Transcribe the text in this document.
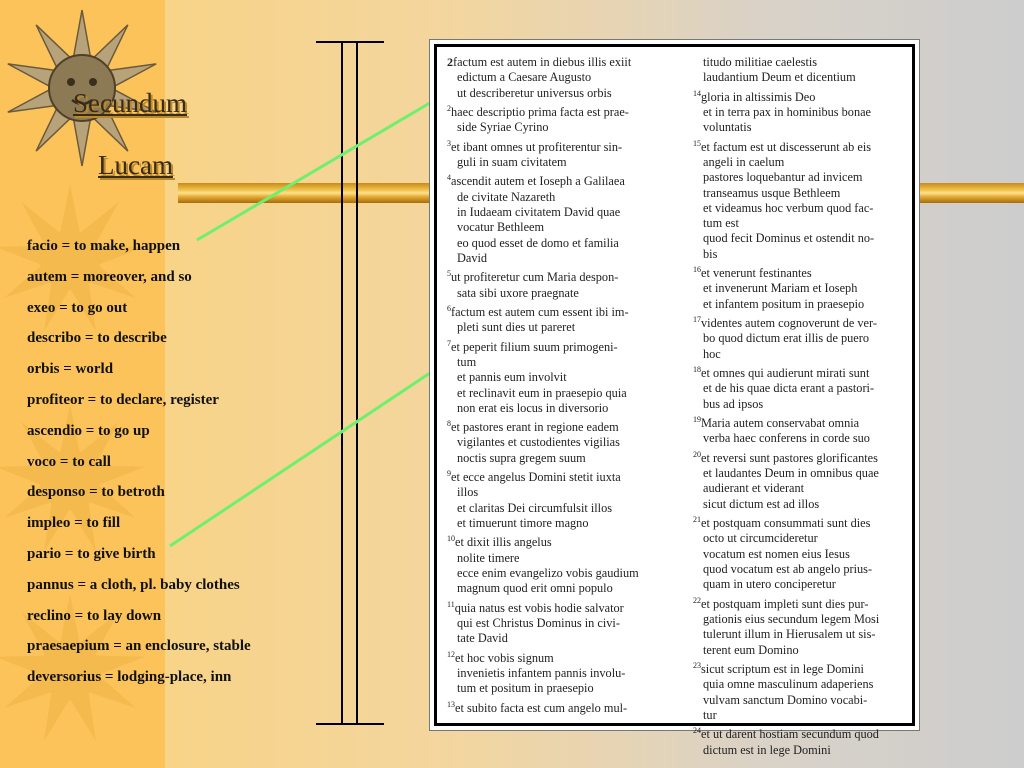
Secundum
Lucam
facio = to make, happen
autem = moreover, and so
exeo = to go out
describo = to describe
orbis = world
profiteor = to declare, register
ascendio = to go up
voco = to call
desponso = to betroth
impleo = to fill
pario = to give birth
pannus = a cloth, pl. baby clothes
reclino = to lay down
praesaepium = an enclosure, stable
deversorius = lodging-place, inn
2factum est autem in diebus illis exiit
edictum a Caesare Augusto
ut describeretur universus orbis
$^2$haec descriptio prima facta est prae-
side Syriae Cyrino
$^3$et ibant omnes ut profiterentur sin-
guli in suam civitatem
$^4$ascendit autem et Ioseph a Galilaea
de civitate Nazareth
in Iudaeam civitatem David quae
vocatur Bethleem
eo quod esset de domo et familia
David
$^5$ut profiteretur cum Maria despon-
sata sibi uxore praegnate
$^6$factum est autem cum essent ibi im-
pleti sunt dies ut pareret
$^7$et peperit filium suum primogeni-
tum
et pannis eum involvit
et reclinavit eum in praesepio quia
non erat eis locus in diversorio
$^8$et pastores erant in regione eadem
vigilantes et custodientes vigilias
noctis supra gregem suum
$^9$et ecce angelus Domini stetit iuxta
illos
et claritas Dei circumfulsit illos
et timuerunt timore magno
$^{10}$et dixit illis angelus
nolite timere
ecce enim evangelizo vobis gaudium
magnum quod erit omni populo
$^{11}$quia natus est vobis hodie salvator
qui est Christus Dominus in civi-
tate David
$^{12}$et hoc vobis signum
invenietis infantem pannis involu-
tum et positum in praesepio
$^{13}$et subito facta est cum angelo mul-
titudo militiae caelestis
laudantium Deum et dicentium
$^{14}$gloria in altissimis Deo
et in terra pax in hominibus bonae
voluntatis
$^{15}$et factum est ut discesserunt ab eis
angeli in caelum
pastores loquebantur ad invicem
transeamus usque Bethleem
et videamus hoc verbum quod fac-
tum est
quod fecit Dominus et ostendit no-
bis
$^{16}$et venerunt festinantes
et invenerunt Mariam et Ioseph
et infantem positum in praesepio
$^{17}$videntes autem cognoverunt de ver-
bo quod dictum erat illis de puero
hoc
$^{18}$et omnes qui audierunt mirati sunt
et de his quae dicta erant a pastori-
bus ad ipsos
$^{19}$Maria autem conservabat omnia
verba haec conferens in corde suo
$^{20}$et reversi sunt pastores glorificantes
et laudantes Deum in omnibus quae
audierant et viderant
sicut dictum est ad illos
$^{21}$et postquam consummati sunt dies
octo ut circumcideretur
vocatum est nomen eius Iesus
quod vocatum est ab angelo prius-
quam in utero conciperetur
$^{22}$et postquam impleti sunt dies pur-
gationis eius secundum legem Mosi
tulerunt illum in Hierusalem ut sis-
terent eum Domino
$^{23}$sicut scriptum est in lege Domini
quia omne masculinum adaperiens
vulvam sanctum Domino vocabi-
tur
$^{24}$et ut darent hostiam secundum quod
dictum est in lege Domini
